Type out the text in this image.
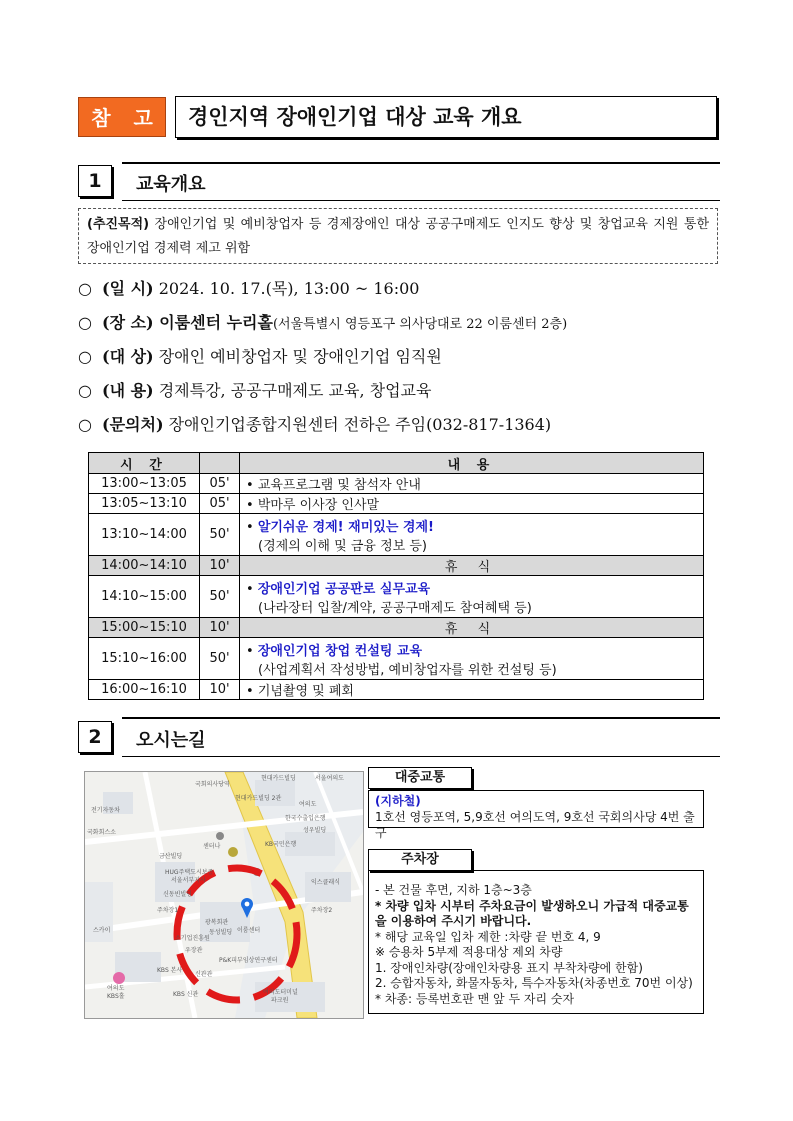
참 고	경인지역 장애인기업 대상 교육 개요
1	교육개요
(추진목적) 장애인기업 및 예비창업자 등 경제장애인 대상 공공구매제도 인지도 향상 및 창업교육 지원 통한 장애인기업 경제력 제고 위함
○ (일 시) 2024. 10. 17.(목), 13:00 ~ 16:00
○ (장 소) 이룸센터 누리홀(서울특별시 영등포구 의사당대로 22 이룸센터 2층)
○ (대 상) 장애인 예비창업자 및 장애인기업 임직원
○ (내 용) 경제특강, 공공구매제도 교육, 창업교육
○ (문의처) 장애인기업종합지원센터 전하은 주임(032-817-1364)
시 간		내 용
13:00~13:05	05'	• 교육프로그램 및 참석자 안내

13:05~13:10	05'	• 박마루 이사장 인사말

13:10~14:00	50'	• 알기쉬운 경제! 재미있는 경제!
(경제의 이해 및 금융 정보 등)

14:00~14:10	10'	휴 식
14:10~15:00	50'	• 장애인기업 공공판로 실무교육
(나라장터 입찰/계약, 공공구매제도 참여혜택 등)

15:00~15:10	10'	휴 식
15:10~16:00	50'	• 장애인기업 창업 컨설팅 교육
(사업계획서 작성방법, 예비창업자를 위한 컨설팅 등)

16:00~16:10	10'	• 기념촬영 및 폐회
2	오시는길
현대카드빌딩	서울여의도
국회의사당역
현대카드빌딩 2관
여의도
전기자동차
국화회스소
KB국민은행
성우빌딩
금산빌딩
센터나
HUG주택도시보증
서울서부지사
신동빈빌딩
주차장1
광복회관
이룸센터
동성빌딩
소기업진흥원
우장관
KBS 본사
신관관
KBS 신관
P&K피부임상연구센터
여의도터미널
파크원
여의도
KBS홀
스카이
익스클래식
주차장2
한국수출입은행
대중교통
(지하철)
1호선 영등포역, 5,9호선 여의도역, 9호선 국회의사당 4번 출구
주차장
- 본 건물 후면, 지하 1층~3층
* 차량 입차 시부터 주차요금이 발생하오니 가급적 대중교통을 이용하여 주시기 바랍니다.
* 해당 교육일 입차 제한 :차량 끝 번호 4, 9
※ 승용차 5부제 적용대상 제외 차량
1. 장애인차량(장애인차량용 표지 부착차량에 한함)
2. 승합자동차, 화물자동차, 특수자동차(차종번호 70번 이상)
* 차종: 등록번호판 맨 앞 두 자리 숫자
